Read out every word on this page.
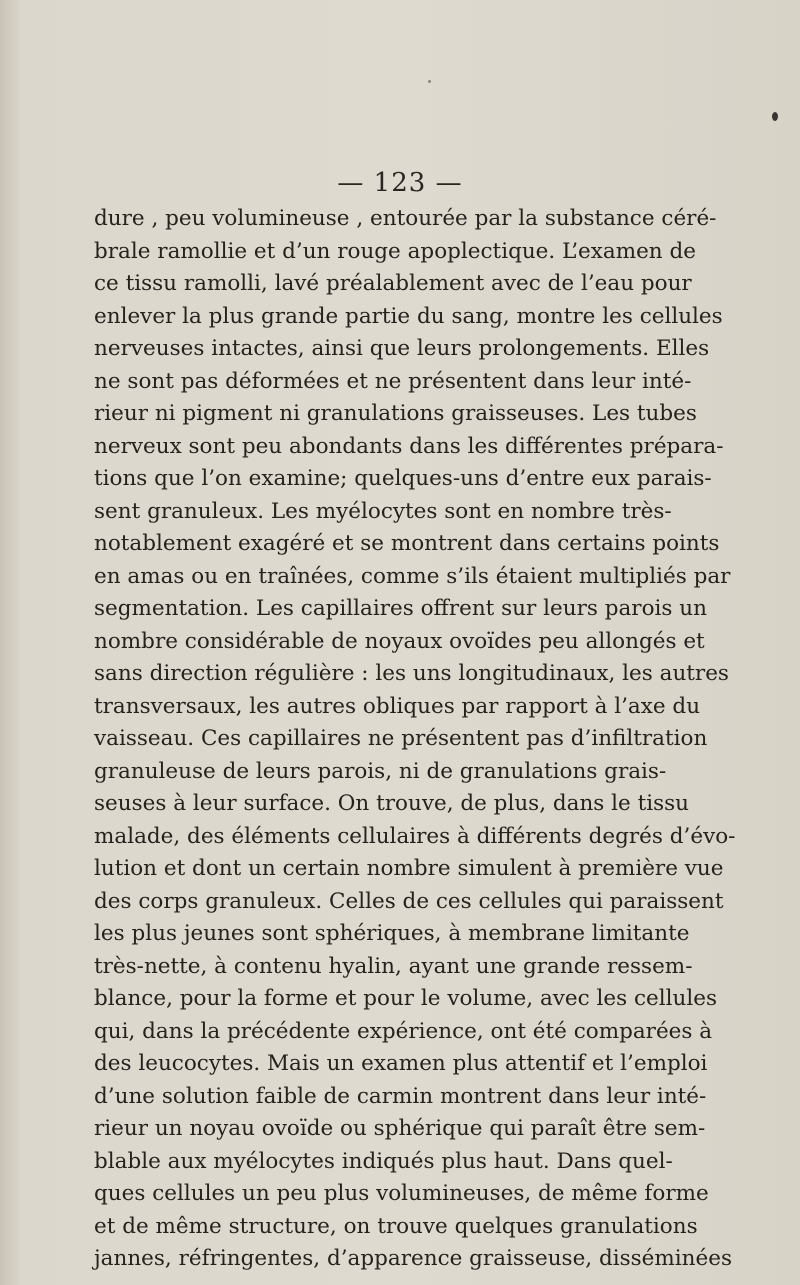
— 123 —
dure , peu volumineuse , entourée par la substance céré-
brale ramollie et d’un rouge apoplectique. L’examen de
ce tissu ramolli, lavé préalablement avec de l’eau pour
enlever la plus grande partie du sang, montre les cellules
nerveuses intactes, ainsi que leurs prolongements. Elles
ne sont pas déformées et ne présentent dans leur inté-
rieur ni pigment ni granulations graisseuses. Les tubes
nerveux sont peu abondants dans les différentes prépara-
tions que l’on examine; quelques-uns d’entre eux parais-
sent granuleux. Les myélocytes sont en nombre très-
notablement exagéré et se montrent dans certains points
en amas ou en traînées, comme s’ils étaient multipliés par
segmentation. Les capillaires offrent sur leurs parois un
nombre considérable de noyaux ovoïdes peu allongés et
sans direction régulière : les uns longitudinaux, les autres
transversaux, les autres obliques par rapport à l’axe du
vaisseau. Ces capillaires ne présentent pas d’infiltration
granuleuse de leurs parois, ni de granulations grais-
seuses à leur surface. On trouve, de plus, dans le tissu
malade, des éléments cellulaires à différents degrés d’évo-
lution et dont un certain nombre simulent à première vue
des corps granuleux. Celles de ces cellules qui paraissent
les plus jeunes sont sphériques, à membrane limitante
très-nette, à contenu hyalin, ayant une grande ressem-
blance, pour la forme et pour le volume, avec les cellules
qui, dans la précédente expérience, ont été comparées à
des leucocytes. Mais un examen plus attentif et l’emploi
d’une solution faible de carmin montrent dans leur inté-
rieur un noyau ovoïde ou sphérique qui paraît être sem-
blable aux myélocytes indiqués plus haut. Dans quel-
ques cellules un peu plus volumineuses, de même forme
et de même structure, on trouve quelques granulations
jannes, réfringentes, d’apparence graisseuse, disséminées
